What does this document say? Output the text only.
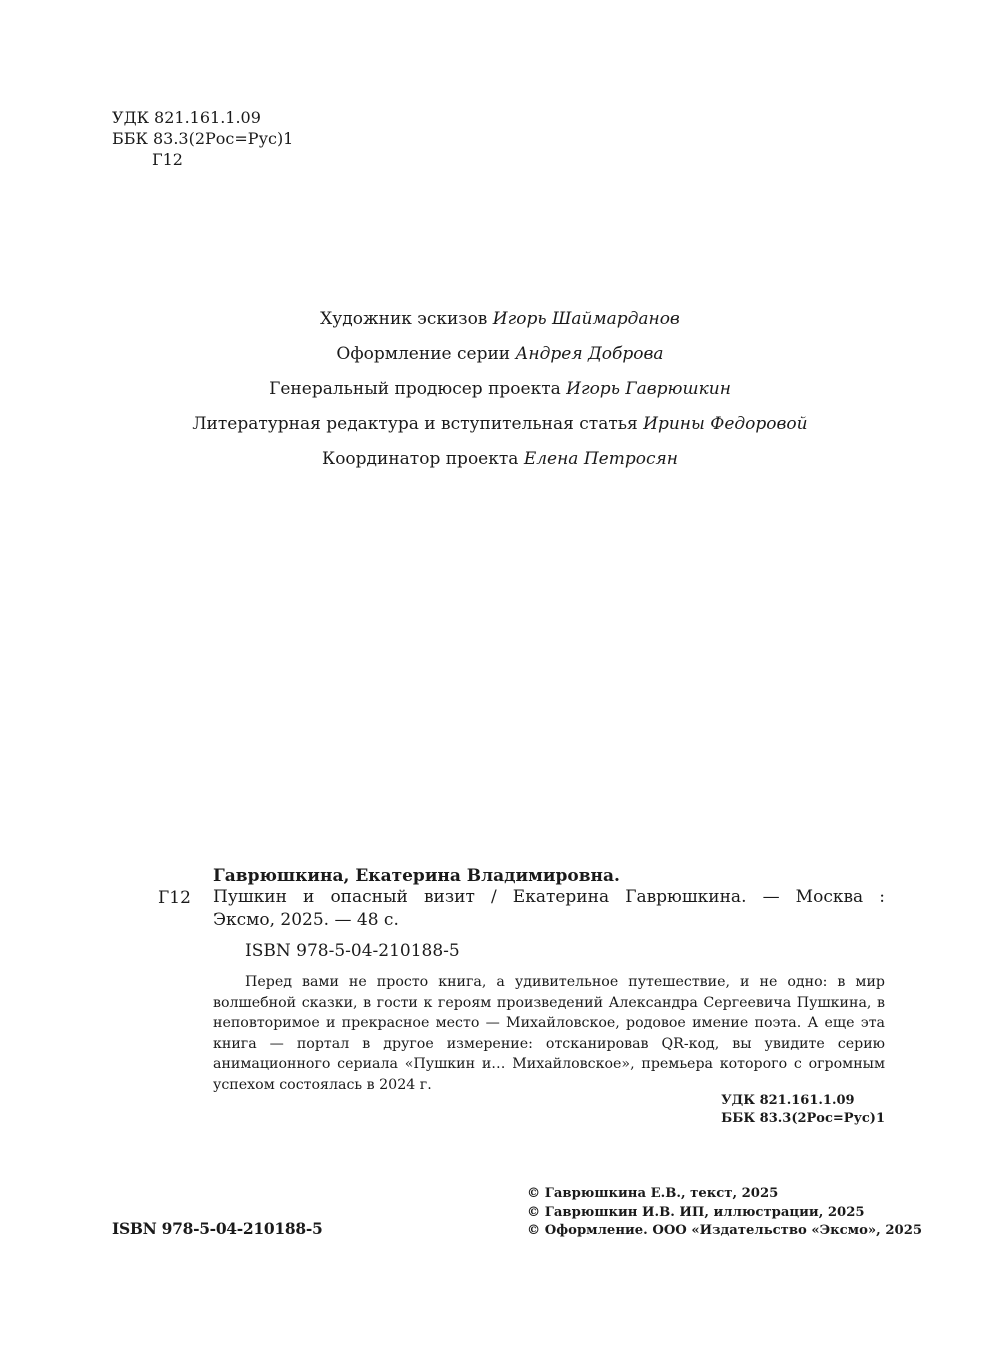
УДК 821.161.1.09
ББК 83.3(2Рос=Рус)1
Г12
Художник эскизов Игорь Шаймарданов
Оформление серии Андрея Доброва
Генеральный продюсер проекта Игорь Гаврюшкин
Литературная редактура и вступительная статья Ирины Федоровой
Координатор проекта Елена Петросян
Гаврюшкина, Екатерина Владимировна.
Г12 Пушкин и опасный визит / Екатерина Гаврюшкина. — Москва :
Эксмо, 2025. — 48 с.
ISBN 978-5-04-210188-5
Перед вами не просто книга, а удивительное путешествие, и не одно: в мир волшебной сказки, в гости к героям произведений Александра Сергеевича Пушкина, в неповторимое и прекрасное место — Михайловское, родовое имение поэта. А еще эта книга — портал в другое измерение: отсканировав QR-код, вы увидите серию анимационного сериала «Пушкин и… Михайловское», премьера которого с огромным успехом состоялась в 2024 г.
УДК 821.161.1.09
ББК 83.3(2Рос=Рус)1
ISBN 978-5-04-210188-5
© Гаврюшкина Е.В., текст, 2025
© Гаврюшкин И.В. ИП, иллюстрации, 2025
© Оформление. ООО «Издательство «Эксмо», 2025
